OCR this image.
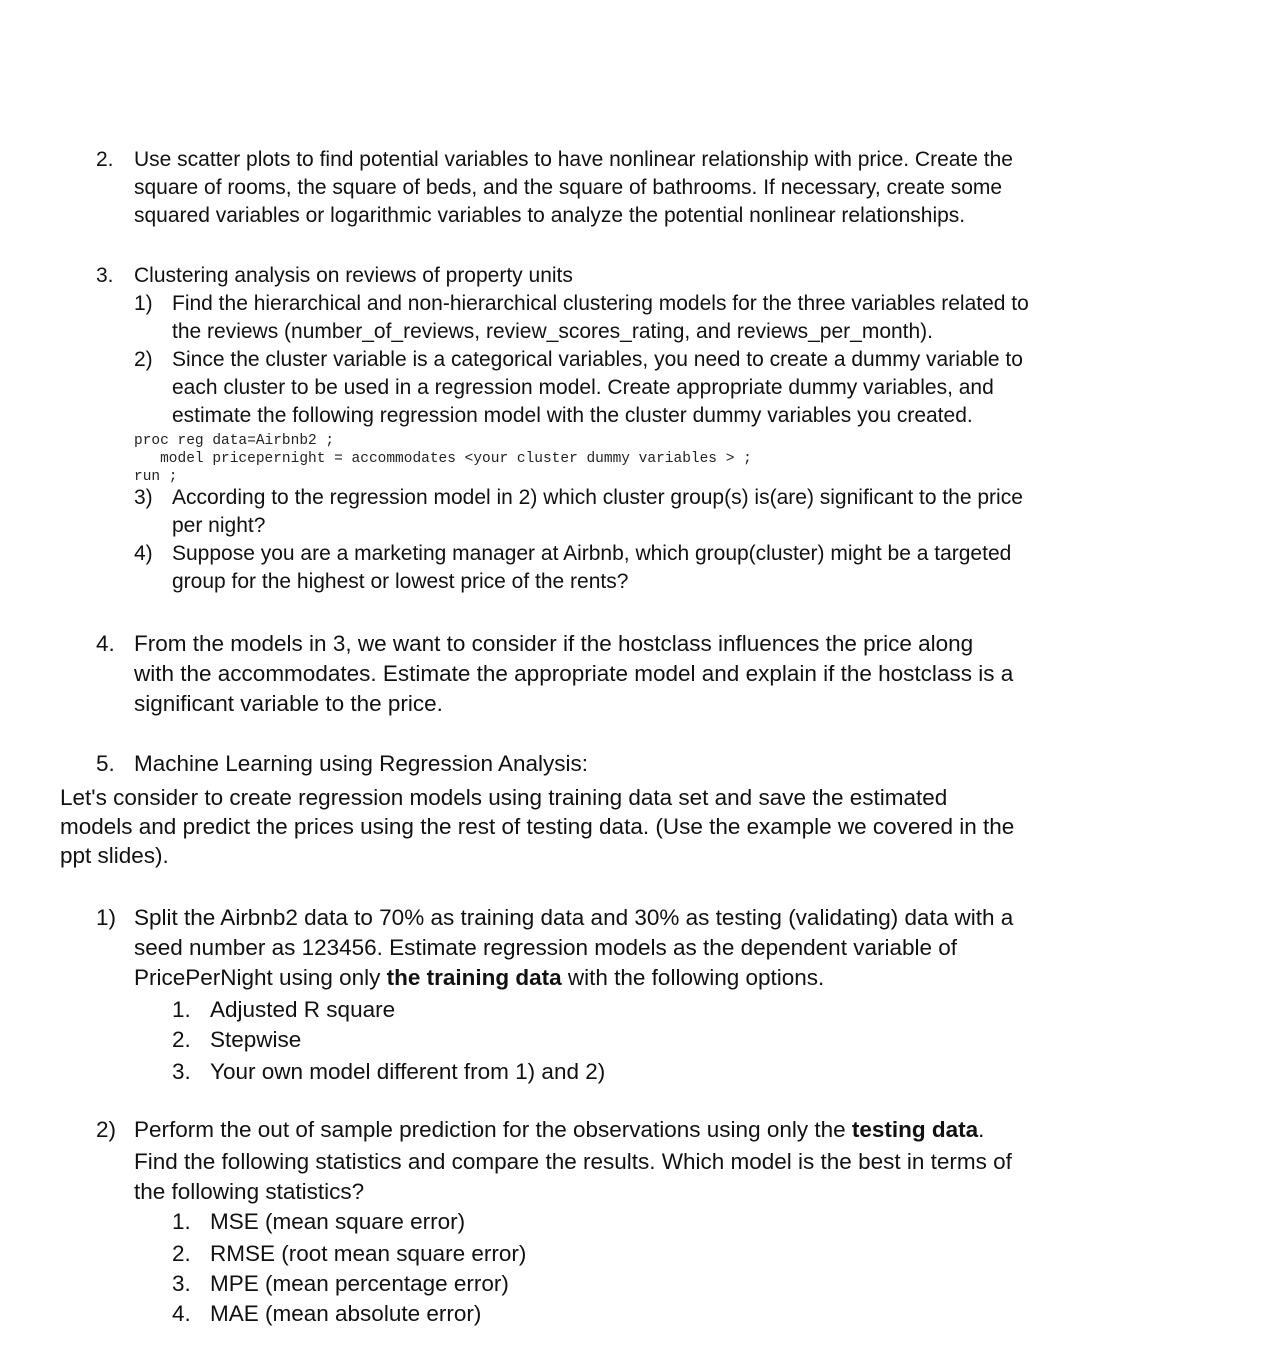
2. Use scatter plots to find potential variables to have nonlinear relationship with price. Create the
square of rooms, the square of beds, and the square of bathrooms. If necessary, create some
squared variables or logarithmic variables to analyze the potential nonlinear relationships.
3. Clustering analysis on reviews of property units
1) Find the hierarchical and non-hierarchical clustering models for the three variables related to
the reviews (number_of_reviews, review_scores_rating, and reviews_per_month).
2) Since the cluster variable is a categorical variables, you need to create a dummy variable to
each cluster to be used in a regression model. Create appropriate dummy variables, and
estimate the following regression model with the cluster dummy variables you created.
proc reg data=Airbnb2 ;
model pricepernight = accommodates <your cluster dummy variables > ;
run ;
3) According to the regression model in 2) which cluster group(s) is(are) significant to the price
per night?
4) Suppose you are a marketing manager at Airbnb, which group(cluster) might be a targeted
group for the highest or lowest price of the rents?
4. From the models in 3, we want to consider if the hostclass influences the price along
with the accommodates. Estimate the appropriate model and explain if the hostclass is a
significant variable to the price.
5. Machine Learning using Regression Analysis:
Let's consider to create regression models using training data set and save the estimated
models and predict the prices using the rest of testing data. (Use the example we covered in the
ppt slides).
1) Split the Airbnb2 data to 70% as training data and 30% as testing (validating) data with a
seed number as 123456. Estimate regression models as the dependent variable of
PricePerNight using only the training data with the following options.
1. Adjusted R square
2. Stepwise
3. Your own model different from 1) and 2)
2) Perform the out of sample prediction for the observations using only the testing data.
Find the following statistics and compare the results. Which model is the best in terms of
the following statistics?
1. MSE (mean square error)
2. RMSE (root mean square error)
3. MPE (mean percentage error)
4. MAE (mean absolute error)
